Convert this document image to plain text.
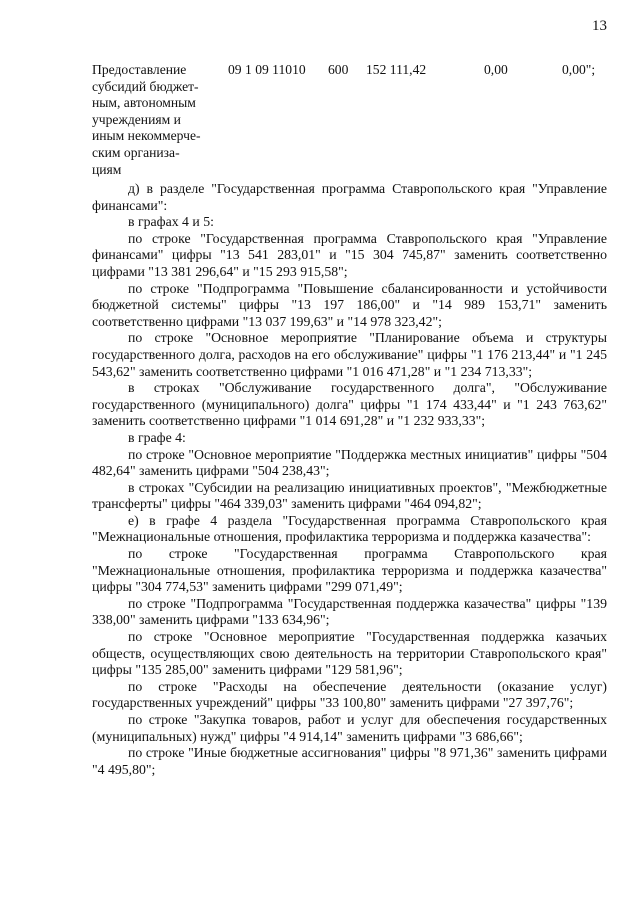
13
Предоставление
субсидий бюджет-
ным, автономным
учреждениям и
иным некоммерче-
ским организа-
циям
09 1 09 11010 600 152 111,42	0,00	0,00";

д) в разделе "Государственная программа Ставропольского края "Управление финансами":

в графах 4 и 5:

по строке "Государственная программа Ставропольского края "Управление финансами" цифры "13 541 283,01" и "15 304 745,87" заменить соответственно цифрами "13 381 296,64" и "15 293 915,58";

по строке "Подпрограмма "Повышение сбалансированности и устойчивости бюджетной системы" цифры "13 197 186,00" и "14 989 153,71" заменить соответственно цифрами "13 037 199,63" и "14 978 323,42";

по строке "Основное мероприятие "Планирование объема и структуры государственного долга, расходов на его обслуживание" цифры "1 176 213,44" и "1 245 543,62" заменить соответственно цифрами "1 016 471,28" и "1 234 713,33";

в строках "Обслуживание государственного долга", "Обслуживание государственного (муниципального) долга" цифры "1 174 433,44" и "1 243 763,62" заменить соответственно цифрами "1 014 691,28" и "1 232 933,33";

в графе 4:

по строке "Основное мероприятие "Поддержка местных инициатив" цифры "504 482,64" заменить цифрами "504 238,43";

в строках "Субсидии на реализацию инициативных проектов", "Межбюджетные трансферты" цифры "464 339,03" заменить цифрами "464 094,82";

е) в графе 4 раздела "Государственная программа Ставропольского края "Межнациональные отношения, профилактика терроризма и поддержка казачества":

по строке "Государственная программа Ставропольского края "Межнациональные отношения, профилактика терроризма и поддержка казачества" цифры "304 774,53" заменить цифрами "299 071,49";

по строке "Подпрограмма "Государственная поддержка казачества" цифры "139 338,00" заменить цифрами "133 634,96";

по строке "Основное мероприятие "Государственная поддержка казачьих обществ, осуществляющих свою деятельность на территории Ставропольского края" цифры "135 285,00" заменить цифрами "129 581,96";

по строке "Расходы на обеспечение деятельности (оказание услуг) государственных учреждений" цифры "33 100,80" заменить цифрами "27 397,76";

по строке "Закупка товаров, работ и услуг для обеспечения государственных (муниципальных) нужд" цифры "4 914,14" заменить цифрами "3 686,66";

по строке "Иные бюджетные ассигнования" цифры "8 971,36" заменить цифрами "4 495,80";
